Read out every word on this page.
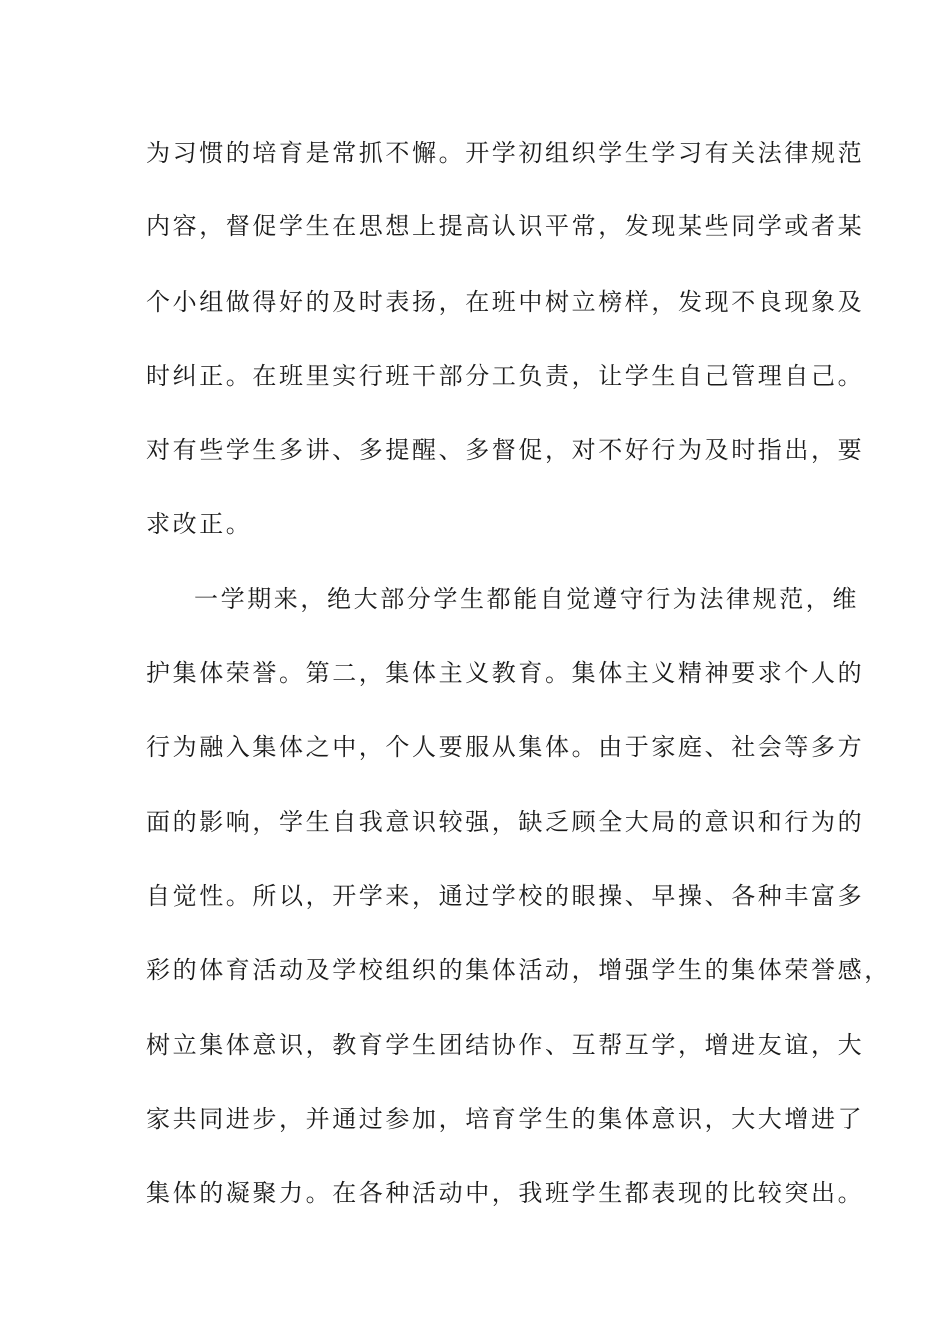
为习惯的培育是常抓不懈。开学初组织学生学习有关法律规范
内容，督促学生在思想上提高认识平常，发现某些同学或者某
个小组做得好的及时表扬，在班中树立榜样，发现不良现象及
时纠正。在班里实行班干部分工负责，让学生自己管理自己。
对有些学生多讲、多提醒、多督促，对不好行为及时指出，要
求改正。
一学期来，绝大部分学生都能自觉遵守行为法律规范，维
护集体荣誉。第二，集体主义教育。集体主义精神要求个人的
行为融入集体之中，个人要服从集体。由于家庭、社会等多方
面的影响，学生自我意识较强，缺乏顾全大局的意识和行为的
自觉性。所以，开学来，通过学校的眼操、早操、各种丰富多
彩的体育活动及学校组织的集体活动，增强学生的集体荣誉感，
树立集体意识，教育学生团结协作、互帮互学，增进友谊，大
家共同进步，并通过参加，培育学生的集体意识，大大增进了
集体的凝聚力。在各种活动中，我班学生都表现的比较突出。
